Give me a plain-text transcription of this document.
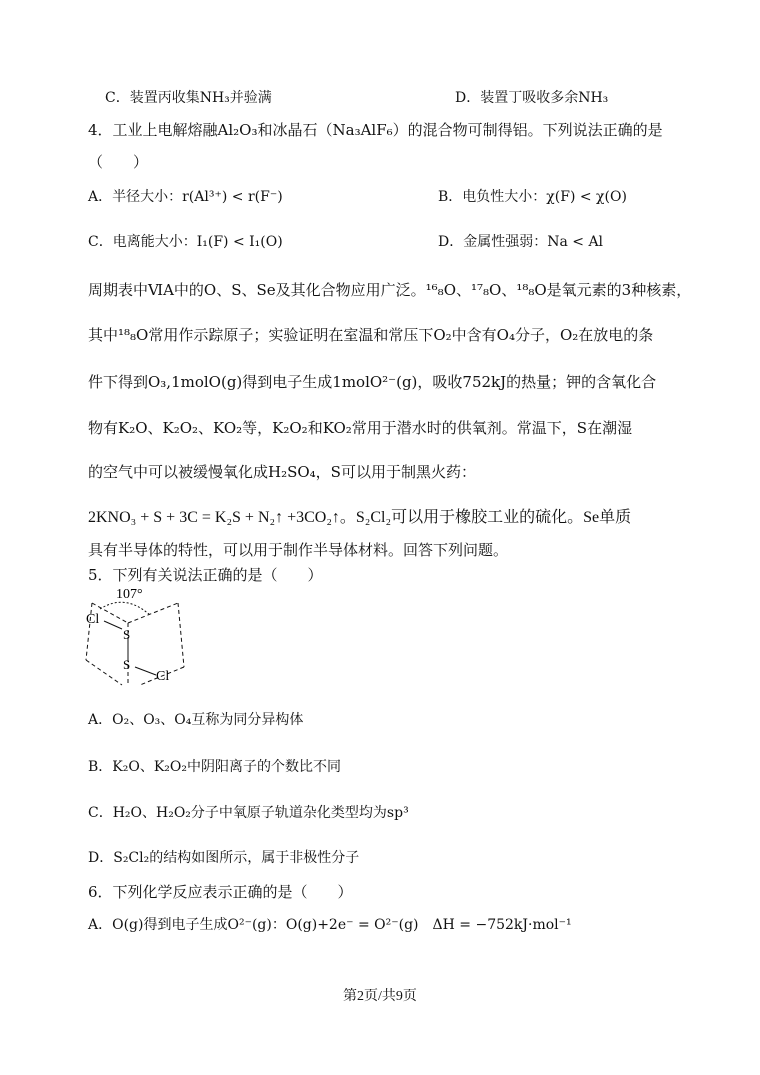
C．装置丙收集NH₃并验满	D．装置丁吸收多余NH₃
4．工业上电解熔融Al₂O₃和冰晶石（Na₃AlF₆）的混合物可制得铝。下列说法正确的是
（　　）
A．半径大小：r(Al³⁺) < r(F⁻)	B．电负性大小：χ(F) < χ(O)
C．电离能大小：I₁(F) < I₁(O)	D．金属性强弱：Na < Al
周期表中ⅥA中的O、S、Se及其化合物应用广泛。¹⁶₈O、¹⁷₈O、¹⁸₈O是氧元素的3种核素，
其中¹⁸₈O常用作示踪原子；实验证明在室温和常压下O₂中含有O₄分子，O₂在放电的条
件下得到O₃,1molO(g)得到电子生成1molO²⁻(g)，吸收752kJ的热量；钾的含氧化合
物有K₂O、K₂O₂、KO₂等，K₂O₂和KO₂常用于潜水时的供氧剂。常温下，S在潮湿
的空气中可以被缓慢氧化成H₂SO₄，S可以用于制黑火药：
2KNO₃ + S + 3C = K₂S + N₂↑ +3CO₂↑。S₂Cl₂可以用于橡胶工业的硫化。Se单质
具有半导体的特性，可以用于制作半导体材料。回答下列问题。
5．下列有关说法正确的是（　　）
107°
Cl
S
S
Cl
A．O₂、O₃、O₄互称为同分异构体
B．K₂O、K₂O₂中阴阳离子的个数比不同
C．H₂O、H₂O₂分子中氧原子轨道杂化类型均为sp³
D．S₂Cl₂的结构如图所示，属于非极性分子
6．下列化学反应表示正确的是（　　）
A．O(g)得到电子生成O²⁻(g)：O(g)+2e⁻ = O²⁻(g)　ΔH = −752kJ·mol⁻¹
第2页/共9页
